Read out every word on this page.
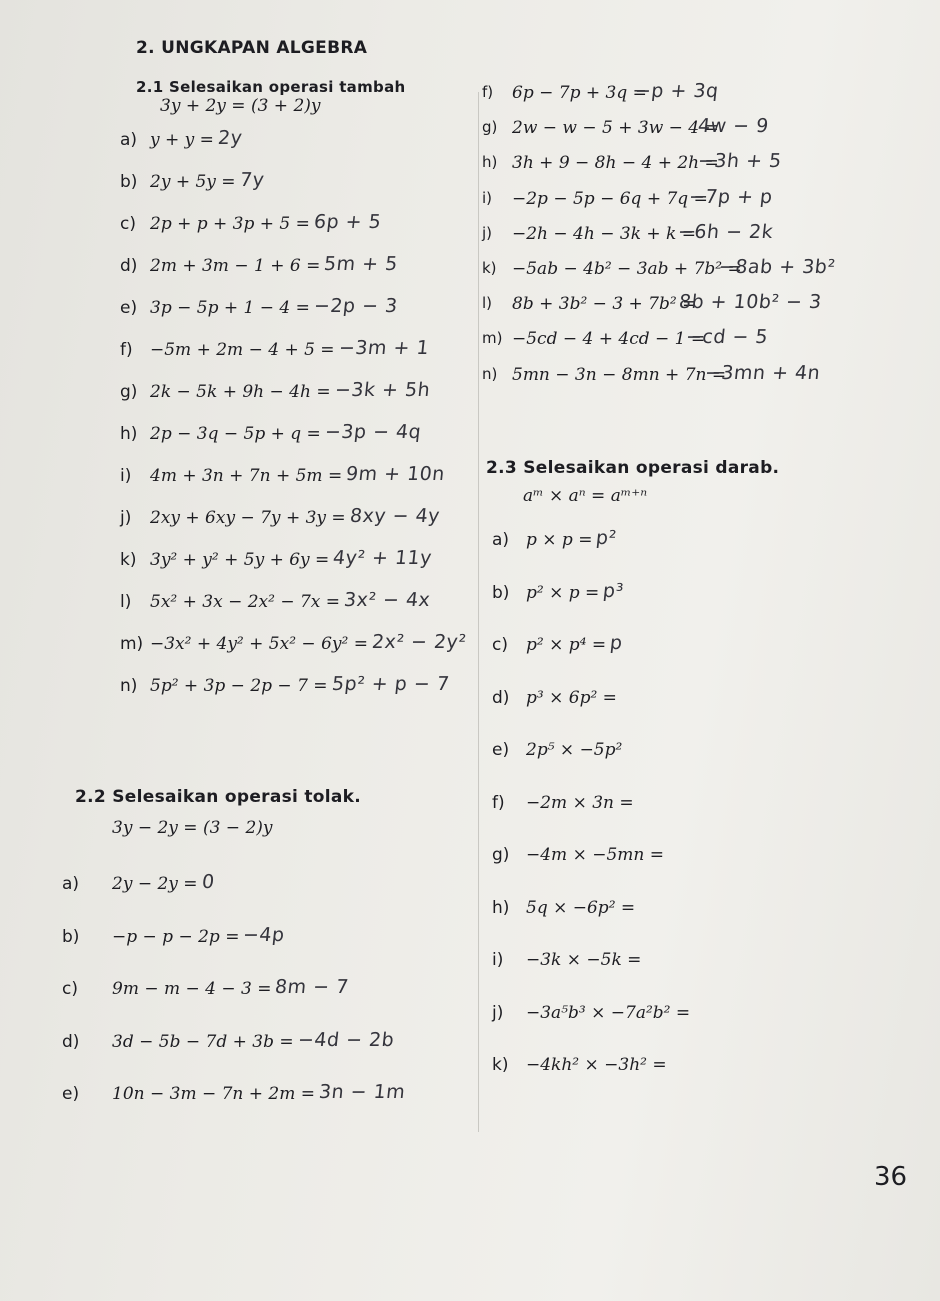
2. UNGKAPAN ALGEBRA
2.1 Selesaikan operasi tambah
3y + 2y = (3 + 2)y
a) y + y = 2y
b) 2y + 5y = 7y
c) 2p + p + 3p + 5 = 6p + 5
d) 2m + 3m − 1 + 6 = 5m + 5
e) 3p − 5p + 1 − 4 = −2p − 3
f) −5m + 2m − 4 + 5 = −3m + 1
g) 2k − 5k + 9h − 4h = −3k + 5h
h) 2p − 3q − 5p + q = −3p − 4q
i) 4m + 3n + 7n + 5m = 9m + 10n
j) 2xy + 6xy − 7y + 3y = 8xy − 4y
k) 3y² + y² + 5y + 6y = 4y² + 11y
l) 5x² + 3x − 2x² − 7x = 3x² − 4x
m) −3x² + 4y² + 5x² − 6y² = 2x² − 2y²
n) 5p² + 3p − 2p − 7 = 5p² + p − 7
f) 6p − 7p + 3q =
−p + 3q
g) 2w − w − 5 + 3w − 4 =
4w − 9
h) 3h + 9 − 8h − 4 + 2h =
−3h + 5
i) −2p − 5p − 6q + 7q =
−7p + p
j) −2h − 4h − 3k + k =
−6h − 2k
k) −5ab − 4b² − 3ab + 7b² =
−8ab + 3b²
l) 8b + 3b² − 3 + 7b² =
8b + 10b² − 3
m) −5cd − 4 + 4cd − 1 =
−cd − 5
n) 5mn − 3n − 8mn + 7n =
−3mn + 4n
2.2 Selesaikan operasi tolak.
3y − 2y = (3 − 2)y
a) 2y − 2y = 0
b) −p − p − 2p = −4p
c) 9m − m − 4 − 3 = 8m − 7
d) 3d − 5b − 7d + 3b = −4d − 2b
e) 10n − 3m − 7n + 2m = 3n − 1m
2.3 Selesaikan operasi darab.
aᵐ × aⁿ = aᵐ⁺ⁿ
a) p × p = p²
b) p² × p = p³
c) p² × p⁴ = p
d) p³ × 6p² =
e) 2p⁵ × −5p²
f) −2m × 3n =
g) −4m × −5mn =
h) 5q × −6p² =
i) −3k × −5k =
j) −3a⁵b³ × −7a²b² =
k) −4kh² × −3h² =
36
